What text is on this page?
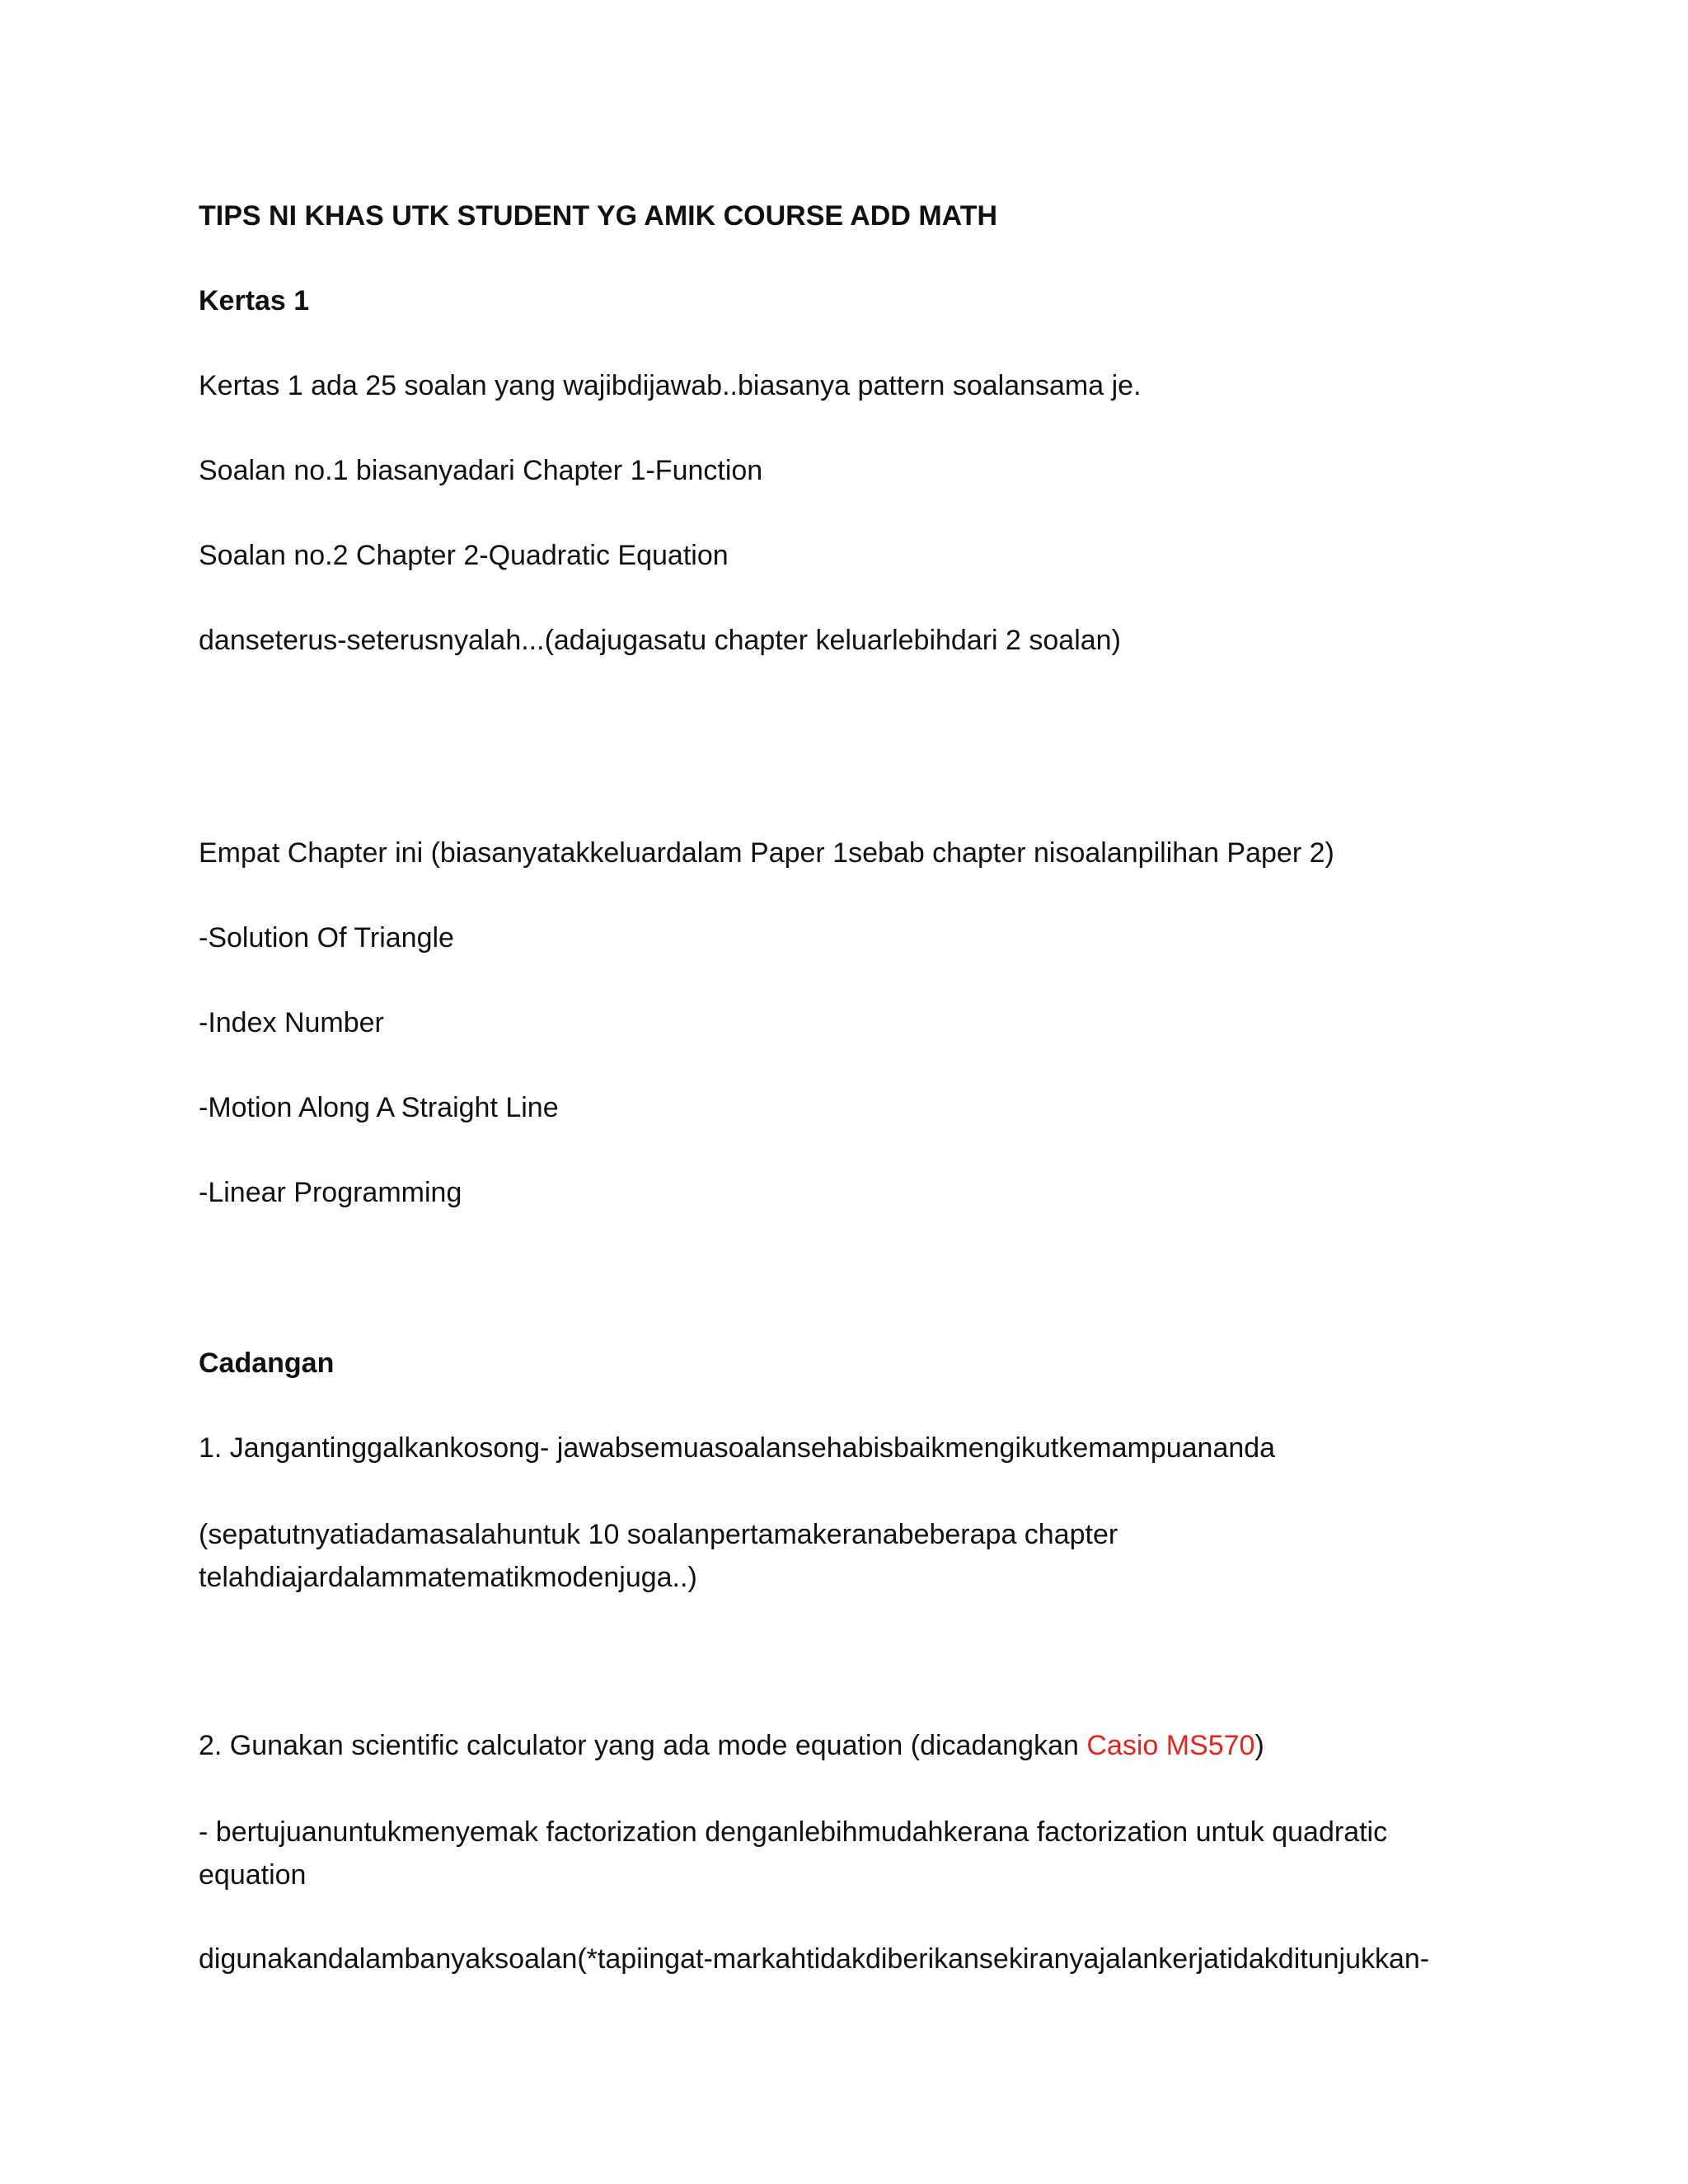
TIPS NI KHAS UTK STUDENT YG AMIK COURSE ADD MATH

Kertas 1

Kertas 1 ada 25 soalan yang wajibdijawab..biasanya pattern soalansama je.

Soalan no.1 biasanyadari Chapter 1-Function

Soalan no.2 Chapter 2-Quadratic Equation

danseterus-seterusnyalah...(adajugasatu chapter keluarlebihdari 2 soalan)

Empat Chapter ini (biasanyatakkeluardalam Paper 1sebab chapter nisoalanpilihan Paper 2)

-Solution Of Triangle

-Index Number

-Motion Along A Straight Line

-Linear Programming

Cadangan

1. Jangantinggalkankosong- jawabsemuasoalansehabisbaikmengikutkemampuananda

(sepatutnyatiadamasalahuntuk 10 soalanpertamakeranabeberapa chapter telahdiajardalammatematikmodenjuga..)

2. Gunakan scientific calculator yang ada mode equation (dicadangkan Casio MS570)

- bertujuanuntukmenyemak factorization denganlebihmudahkerana factorization untuk quadratic equation

digunakandalambanyaksoalan(*tapiingat-markahtidakdiberikansekiranyajalankerjatidakditunjukkan-
